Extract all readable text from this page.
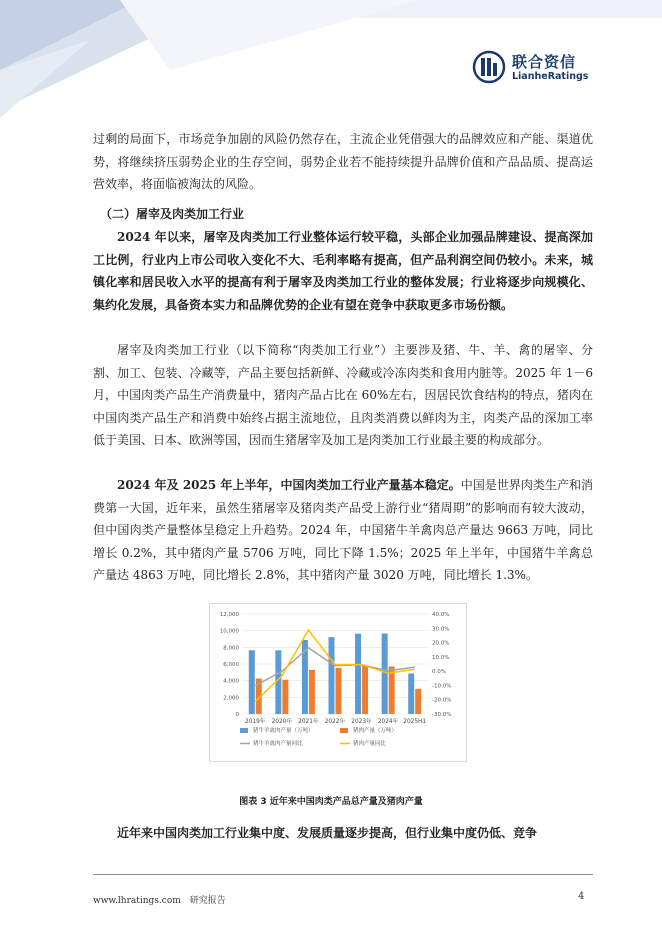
联合资信
LianheRatings

过剩的局面下，市场竞争加剧的风险仍然存在，主流企业凭借强大的品牌效应和产能、渠道优势，将继续挤压弱势企业的生存空间，弱势企业若不能持续提升品牌价值和产品品质、提高运营效率，将面临被淘汰的风险。

（二）屠宰及肉类加工行业

2024 年以来，屠宰及肉类加工行业整体运行较平稳，头部企业加强品牌建设、提高深加工比例，行业内上市公司收入变化不大、毛利率略有提高，但产品利润空间仍较小。未来，城镇化率和居民收入水平的提高有利于屠宰及肉类加工行业的整体发展；行业将逐步向规模化、集约化发展，具备资本实力和品牌优势的企业有望在竞争中获取更多市场份额。

屠宰及肉类加工行业（以下简称“肉类加工行业”）主要涉及猪、牛、羊、禽的屠宰、分割、加工、包装、冷藏等，产品主要包括新鲜、冷藏或冷冻肉类和食用内脏等。2025 年 1－6 月，中国肉类产品生产消费量中，猪肉产品占比在 60%左右，因居民饮食结构的特点，猪肉在中国肉类产品生产和消费中始终占据主流地位，且肉类消费以鲜肉为主，肉类产品的深加工率低于美国、日本、欧洲等国，因而生猪屠宰及加工是肉类加工行业最主要的构成部分。

2024 年及 2025 年上半年，中国肉类加工行业产量基本稳定。中国是世界肉类生产和消费第一大国，近年来，虽然生猪屠宰及猪肉类产品受上游行业“猪周期”的影响而有较大波动，但中国肉类产量整体呈稳定上升趋势。2024 年，中国猪牛羊禽肉总产量达 9663 万吨，同比增长 0.2%，其中猪肉产量 5706 万吨，同比下降 1.5%；2025 年上半年，中国猪牛羊禽总产量达 4863 万吨，同比增长 2.8%，其中猪肉产量 3020 万吨，同比增长 1.3%。

12,000
10,000
8,000
6,000
4,000
2,000
0
40.0%
30.0%
20.0%
10.0%
0.0%
-10.0%
-20.0%
-30.0%
2019年 2020年 2021年 2022年 2023年 2024年 2025H1
猪牛羊禽肉产量（万吨）	猪肉产量（万吨）
猪牛羊禽肉产量同比	猪肉产量同比
图表 3 近年来中国肉类产品总产量及猪肉产量

近年来中国肉类加工行业集中度、发展质量逐步提高，但行业集中度仍低、竞争

www.lhratings.com　研究报告	4
